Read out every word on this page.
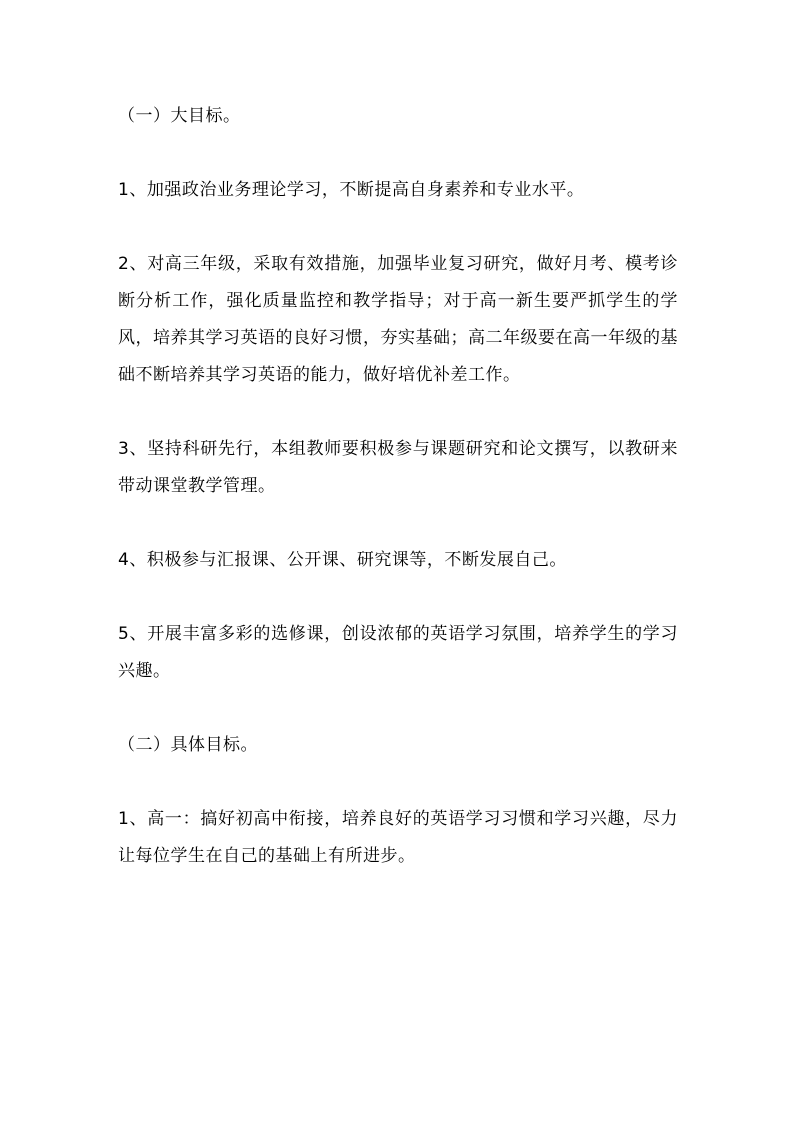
（一）大目标。

1、加强政治业务理论学习，不断提高自身素养和专业水平。

2、对高三年级，采取有效措施，加强毕业复习研究，做好月考、模考诊断分析工作，强化质量监控和教学指导；对于高一新生要严抓学生的学风，培养其学习英语的良好习惯，夯实基础；高二年级要在高一年级的基础不断培养其学习英语的能力，做好培优补差工作。

3、坚持科研先行，本组教师要积极参与课题研究和论文撰写，以教研来带动课堂教学管理。

4、积极参与汇报课、公开课、研究课等，不断发展自己。

5、开展丰富多彩的选修课，创设浓郁的英语学习氛围，培养学生的学习兴趣。

（二）具体目标。

1、高一：搞好初高中衔接，培养良好的英语学习习惯和学习兴趣，尽力让每位学生在自己的基础上有所进步。
